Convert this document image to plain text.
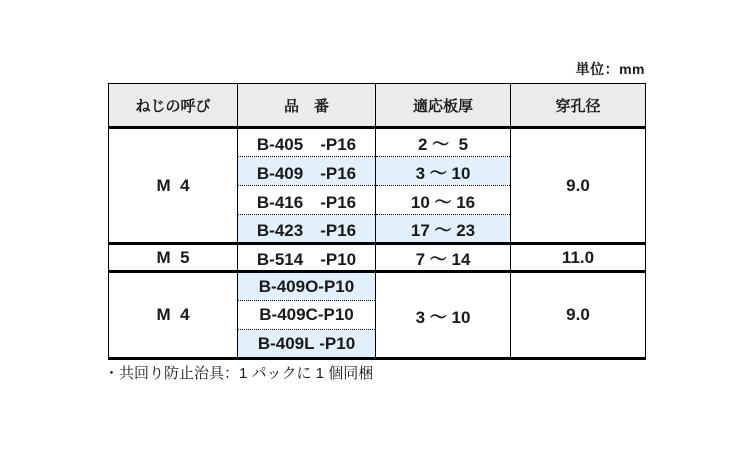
単位：mm
ねじの呼び	品　番	適応板厚	穿孔径
M  4	B-405　-P16	2 ～  5	9.0
	B-409　-P16	3 ～ 10	
	B-416　-P16	10 ～ 16	
	B-423　-P16	17 ～ 23	
M  5	B-514　-P10	7 ～ 14	11.0
M  4	B-409O-P10	3 ～ 10	9.0
	B-409C-P10		
	B-409L -P10		
・共回り防止治具：1 パックに 1 個同梱
